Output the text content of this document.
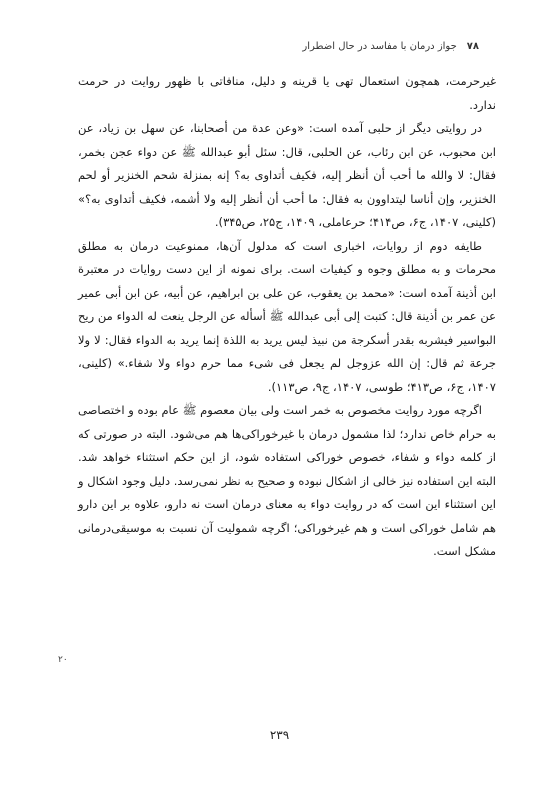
۷۸
جواز درمان با مفاسد در حال اضطرار

غیرحرمت، همچون استعمال تهی یا قرینه و دلیل، منافاتی با ظهور روایت در حرمت ندارد.

در روایتی دیگر از حلبی آمده است: «وعن عدة من أصحابنا، عن سهل بن زیاد، عن ابن محبوب، عن ابن رئاب، عن الحلبی، قال: سئل أبو عبدالله ﷺ عن دواء عجن بخمر، فقال: لا والله ما أحب أن أنظر إلیه، فکیف أتداوی به؟ إنه بمنزلة شحم الخنزیر أو لحم الخنزیر، وإن أناسا لیتداوون به فقال: ما أحب أن أنظر إلیه ولا أشمه، فکیف أتداوی به؟» (کلینی، ۱۴۰۷، ج۶، ص۴۱۴؛ حرعاملی، ۱۴۰۹، ج۲۵، ص۳۴۵).

طایفه دوم از روایات، اخباری است که مدلول آن‌ها، ممنوعیت درمان به مطلق محرمات و به مطلق وجوه و کیفیات است. برای نمونه از این دست روایات در معتبرة ابن أذینة آمده است: «محمد بن یعقوب، عن علی بن ابراهیم، عن أبیه، عن ابن أبی عمیر عن عمر بن أذینة قال: کتبت إلی أبی عبدالله ﷺ أسأله عن الرجل ینعت له الدواء من ریح البواسیر فیشربه بقدر أسکرجة من نبیذ لیس یرید به اللذة إنما یرید به الدواء فقال: لا ولا جرعة ثم قال: إن الله عزوجل لم یجعل فی شیء مما حرم دواء ولا شفاء.» (کلینی، ۱۴۰۷، ج۶، ص۴۱۳؛ طوسی، ۱۴۰۷، ج۹، ص۱۱۳).

اگرچه مورد روایت مخصوص به خمر است ولی بیان معصوم ﷺ عام بوده و اختصاصی به حرام خاص ندارد؛ لذا مشمول درمان با غیرخوراکی‌ها هم می‌شود. البته در صورتی که از کلمه دواء و شفاء، خصوص خوراکی استفاده شود، از این حکم استثناء خواهد شد. البته این استفاده نیز خالی از اشکال نبوده و صحیح به نظر نمی‌رسد. دلیل وجود اشکال و این استثناء این است که در روایت دواء به معنای درمان است نه دارو، علاوه بر این دارو هم شامل خوراکی است و هم غیرخوراکی؛ اگرچه شمولیت آن نسبت به موسیقی‌درمانی مشکل است.

۲۰
۲۳۹
